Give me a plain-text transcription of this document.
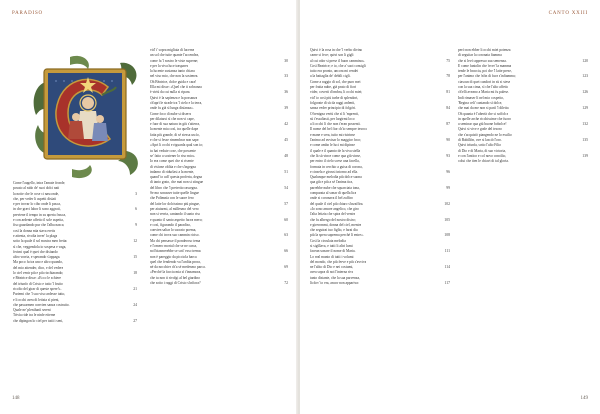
PARADISO
Come l'augello, intra l'amate fronde,
posato al nido de' suoi dolci nati
la notte che le cose ci nasconde,	3
che, per veder li aspetti disïati
e per trovar lo cibo onde li pasca,
in che gravi labor li sono aggrati,	6
previene il tempo in su aperta frasca,
e con ardente affetto il sole aspetta,
fiso guardando pur che l'alba nasca;	9
così la donna mïa stava eretta
e attenta, rivolta inver' la plaga
sotto la quale il sol mostra men fretta:	12
sì che, veggendola io sospesa e vaga,
fecimi qual è quei che disïando
altro vorria, e sperando s'appaga.	15
Ma poco fu tra uno e altro quando,
del mio attender, dico, e del vedere
lo ciel venir più e più rischiarando;	18
e Bëatrice disse: «Ecco le schiere
del trïunfo di Cristo e tutto 'l frutto
ricolto del girar di queste spere!».	21
Pariemi che 'l suo viso ardesse tutto,
e li occhi avea di letizia sì pieni,
che passarmen convien sanza costrutto.	24
Quale ne' plenilunïi sereni
Trivïa ride tra le ninfe etterne
che dipingon lo ciel per tutti i seni,	27
vid' i' sopra migliaia di lucerne
un sol che tutte quante l'accendea,
come fa 'l nostro le viste superne;	30
e per la viva luce trasparea
la lucente sustanza tanto chiara
nel viso mio, che non la sostenea.	33
Oh Bëatrice, dolce guida e cara!
Ella mi disse: «Quel che ti sobranza
è virtù da cui nulla si ripara.	36
Quivi è la sapïenza e la possanza
ch'aprì le strade tra 'l cielo e la terra,
onde fu già sì lunga disïanza».	39
Come foco di nube si diserra
per dilatarsi sì che non vi cape,
e fuor di sua natura in giù s'atterra,	42
la mente mia così, tra quelle dape
fatta più grande, di sé stessa uscìo,
e che si fesse rimembrar non sape.	45
«Apri li occhi e riguarda qual son io;
tu hai vedute cose, che possente
se' fatto a sostener lo riso mio».	48
Io era come quei che si risente
di visïone oblita e che s'ingegna
indarno di ridurlasi a la mente,	51
quand' io udi' questa proferta, degna
di tanto grato, che mai non si stingue
del libro che 'l preterito rassegna.	54
Se mo sonasser tutte quelle lingue
che Polimnïa con le suore fero
del latte lor dolcissimo più pingue,	57
per aiutarmi, al millesmo del vero
non si verria, cantando il santo riso
e quanto il santo aspetto facea mero;	60
e così, figurando il paradiso,
convien saltar lo sacrato poema,
come chi trova suo cammin riciso.	63
Ma chi pensasse il ponderoso tema
e l'omero mortal che se ne carca,
nol biasmerebbe se sott' esso trema:	66
non è pareggio da picciola barca
quel che fendendo va l'ardita prora,
né da nocchier ch'a sé medesmo parca.	69
«Perché la faccia mia sì t'innamora,
che tu non ti rivolgi al bel giardino
che sotto i raggi di Cristo s'infiora?	72
148
CANTO XXIII
Quivi è la rosa in che 'l verbo divino
carne si fece; quivi son li gigli
al cui odor si prese il buon cammino».	75
Così Beatrice; e io, che a' suoi consigli
tutto era pronto, ancora mi rendei
a la battaglia de' debili cigli.	78
Come a raggio di sol, che puro mei
per fratta nube, già prato di fiori
vider, coverti d'ombra, li occhi miei;	81
vid' io così più turbe di splendori,
folgorate di sù da raggi ardenti,
sanza veder principio di folgóri.	84
O benigna vertù che sì li 'mprenti,
sù t'essaltasti, per largirmi loco
a li occhi lì che non t'eran possenti.	87
Il nome del bel fior ch'io sempre invoco
e mane e sera, tutto mi ristrinse
l'animo ad avvisar lo maggior foco;	90
e come ambo le luci mi dipinse
il quale e il quanto de la viva stella
che là sù vince come qua giù vinse,	93
per entro il cielo scese una facella,
formata in cerchio a guisa di corona,
e cinsela e girossi intorno ad ella.	96
Qualunque melodia più dolce suona
qua giù e più a sé l'anima tira,
parrebbe nube che squarciata tona,	99
comparata al sonar di quella lira
onde si coronava il bel zaffiro
del quale il ciel più chiaro s'inzaffira.	102
«Io sono amore angelico, che giro
l'alta letizia che spira del ventre
che fu albergo del nostro disiro;	105
e girerommi, donna del ciel, mentre
che seguirai tuo figlio, e farai dia
più la spera suprema perché lì entre».	108
Così la circulata melodia
si sigillava, e tutti li altri lumi
facean sonare il nome di Maria.	111
Lo real manto di tutti i volumi
del mondo, che più ferve e più s'avviva
ne l'alito di Dio e nei costumi,	114
avea sopra di noi l'interna riva
tanto distante, che la sua parvenza,
là dov' io era, ancor non appariva:	117
però non ebber li occhi miei potenza
di seguitar la coronata fiamma
che si levò appresso sua semenza.	120
E come fantolin che 'nver' la mamma
tende le braccia, poi che 'l latte prese,
per l'animo che 'nfin di fuor s'infiamma;	123
ciascun di quei candori in sù si stese
con la sua cima, sì che l'alto affetto
ch'elli aveano a Maria mi fu palese.	126
Indi rimaser lì nel mio cospetto,
'Regina celi' cantando sì dolce,
che mai da me non si partì 'l diletto.	129
Oh quanta è l'ubertà che si soffolce
in quelle arche ricchissime che fuoro
a seminar qua giù buone bobolce!	132
Quivi si vive e gode del tesoro
che s'acquistò piangendo ne lo essilio
di Babillòn, ove si lasciò l'oro.	135
Quivi trïunfa, sotto l'alto Filio
di Dio e di Maria, di suo victoria,
e con l'antico e col novo concilio,	139
colui che tien le chiavi di tal gloria.
149
